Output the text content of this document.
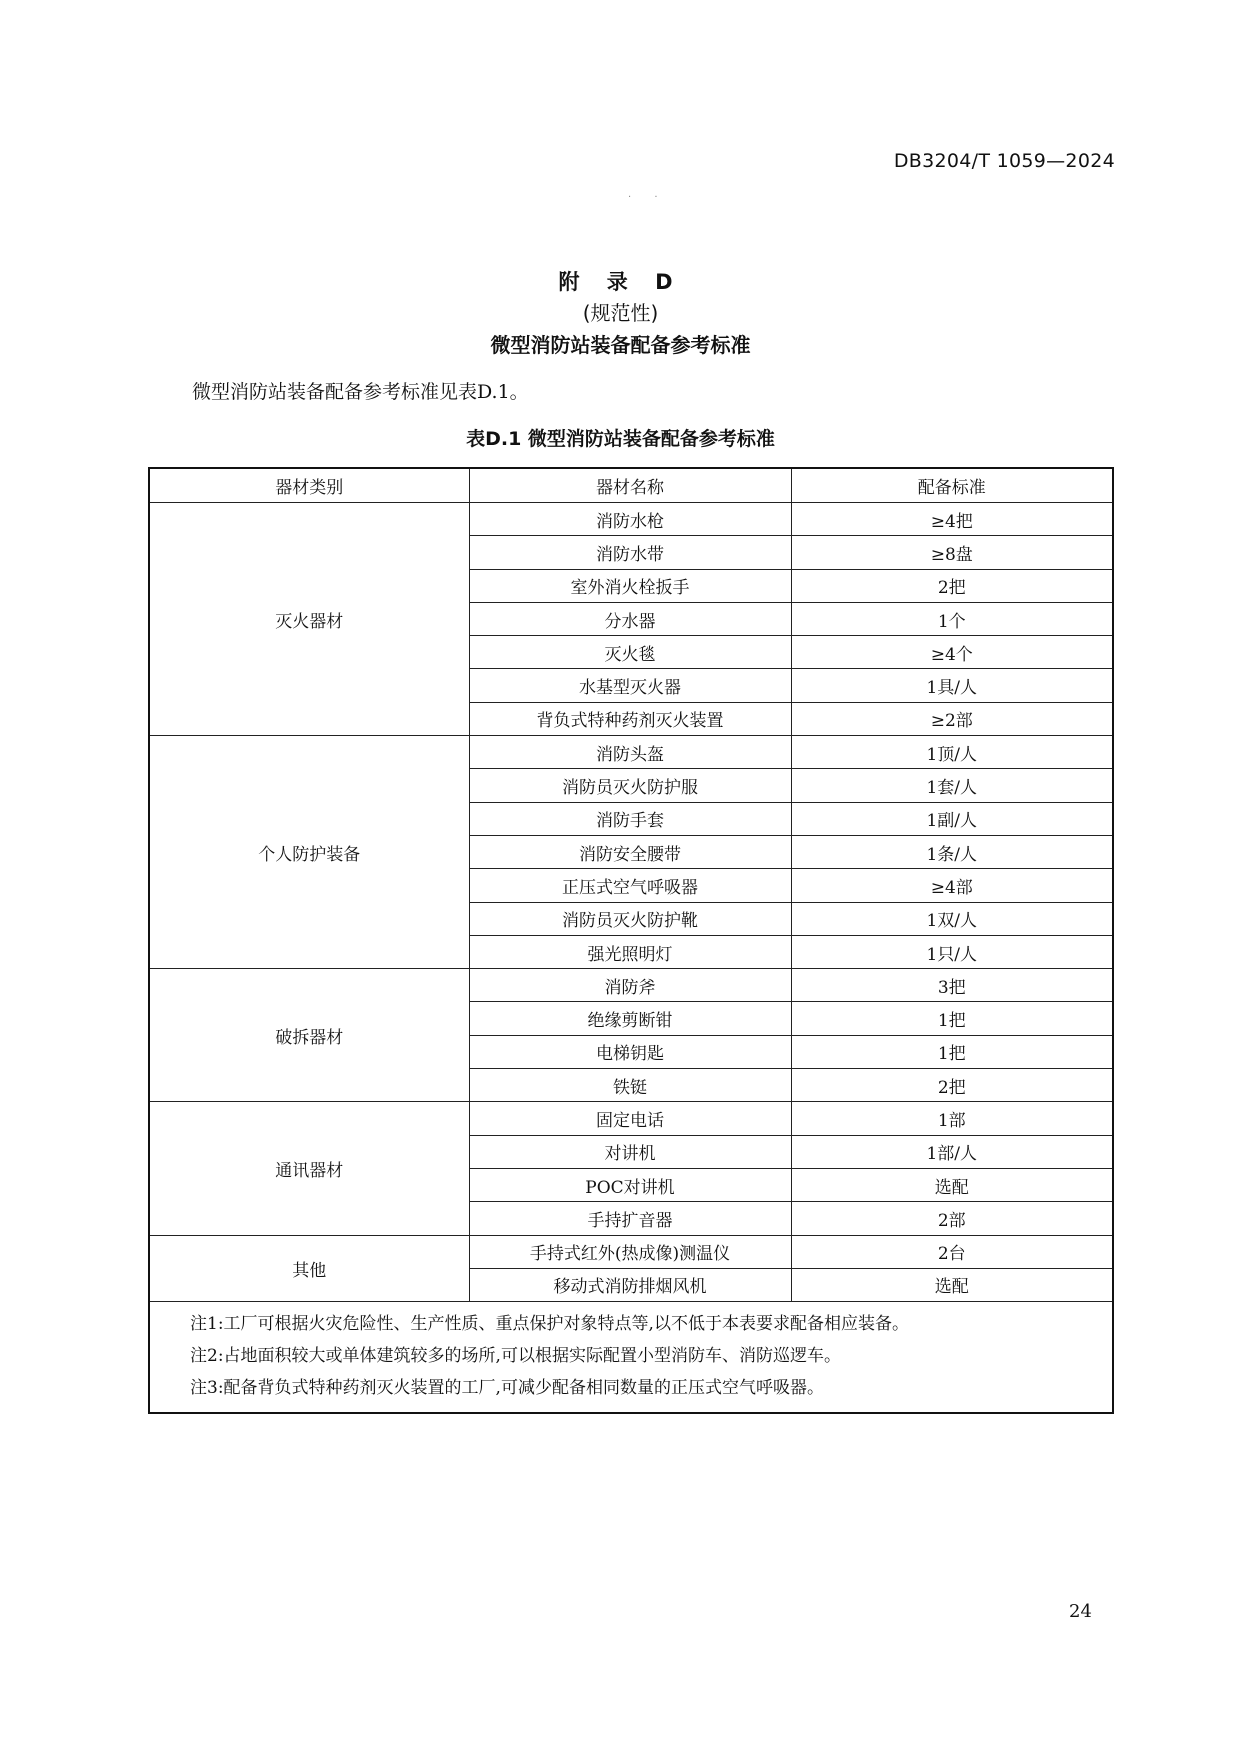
DB3204/T 1059—2024
· ·
附 录 D
(规范性)
微型消防站装备配备参考标准
微型消防站装备配备参考标准见表D.1。
表D.1 微型消防站装备配备参考标准
器材类别	器材名称	配备标准
灭火器材	消防水枪	≥4把
	消防水带	≥8盘
	室外消火栓扳手	2把
	分水器	1个
	灭火毯	≥4个
	水基型灭火器	1具/人
	背负式特种药剂灭火装置	≥2部
个人防护装备	消防头盔	1顶/人
	消防员灭火防护服	1套/人
	消防手套	1副/人
	消防安全腰带	1条/人
	正压式空气呼吸器	≥4部
	消防员灭火防护靴	1双/人
	强光照明灯	1只/人
破拆器材	消防斧	3把
	绝缘剪断钳	1把
	电梯钥匙	1把
	铁铤	2把
通讯器材	固定电话	1部
	对讲机	1部/人
	POC对讲机	选配
	手持扩音器	2部
其他	手持式红外(热成像)测温仪	2台
	移动式消防排烟风机	选配

注1:工厂可根据火灾危险性、生产性质、重点保护对象特点等,以不低于本表要求配备相应装备。
注2:占地面积较大或单体建筑较多的场所,可以根据实际配置小型消防车、消防巡逻车。
注3:配备背负式特种药剂灭火装置的工厂,可减少配备相同数量的正压式空气呼吸器。		
24
